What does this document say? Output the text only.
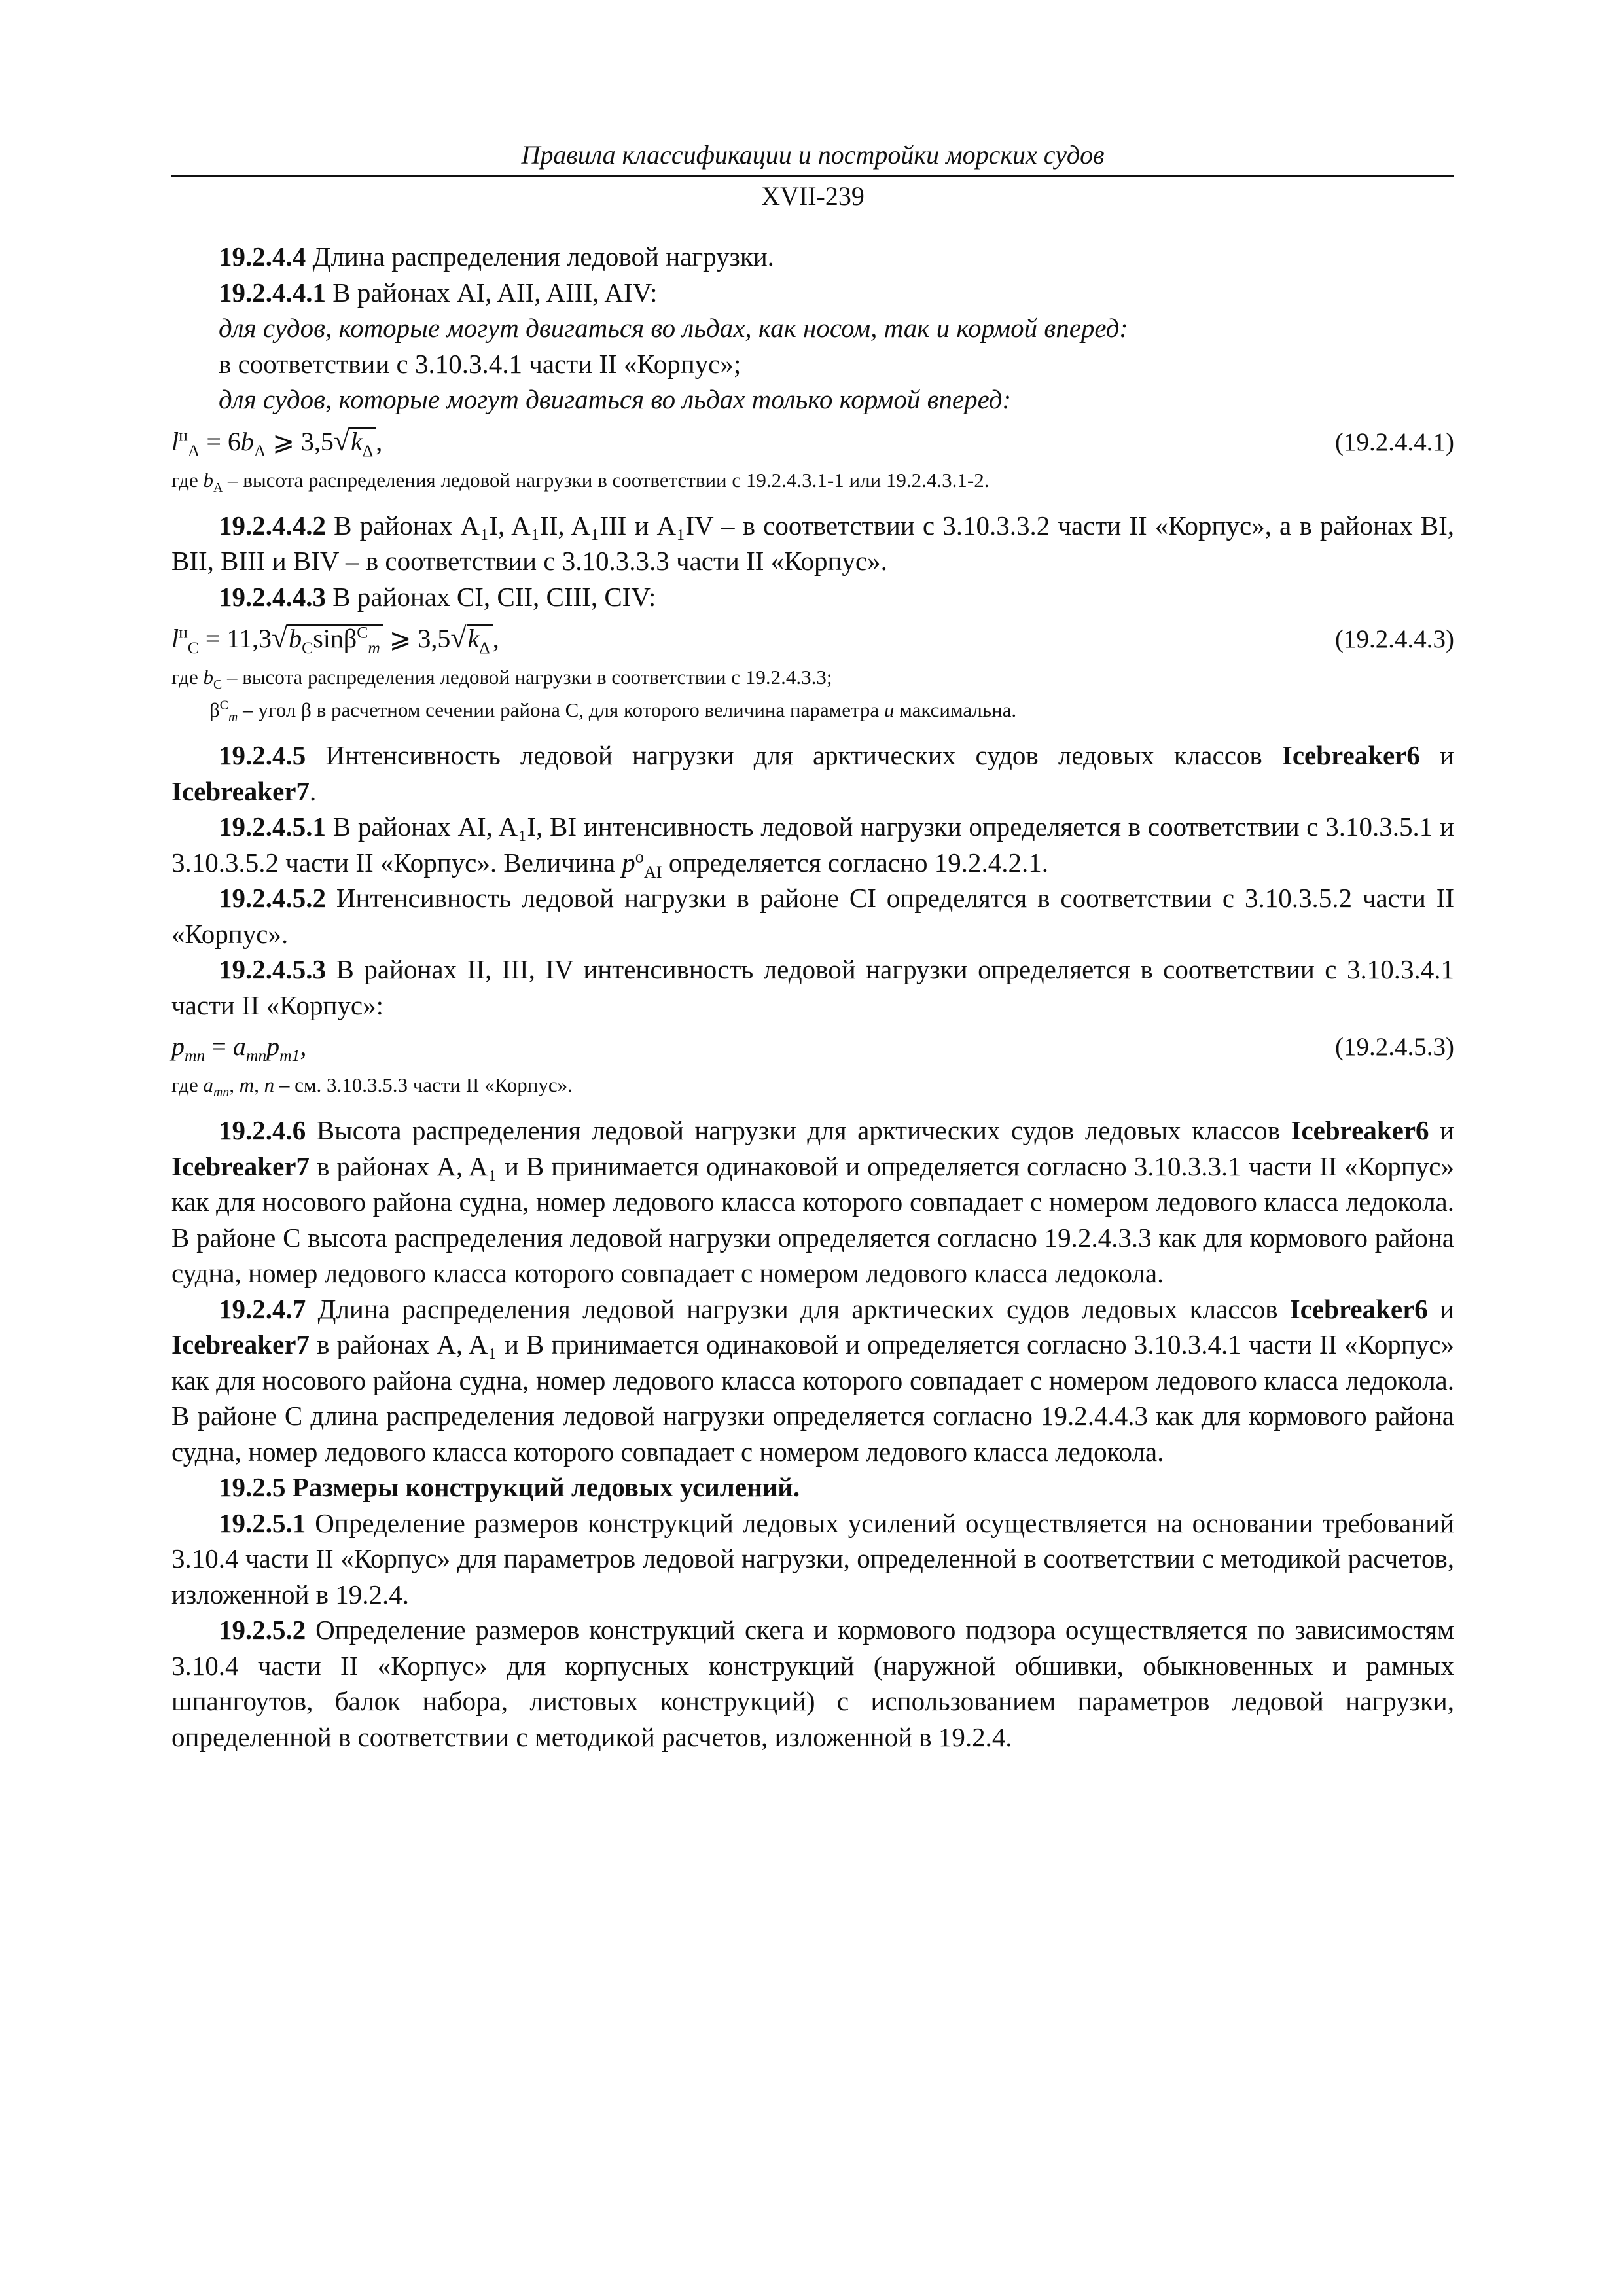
Правила классификации и постройки морских судов
XVII-239

19.2.4.4 Длина распределения ледовой нагрузки.

19.2.4.4.1 В районах AI, AII, AIII, AIV:

для судов, которые могут двигаться во льдах, как носом, так и кормой вперед:

в соответствии с 3.10.3.4.1 части II «Корпус»;

для судов, которые могут двигаться во льдах только кормой вперед:

$l^н_A = 6b_A$ ⩾ $3,5√k_\Delta$ ,	(19.2.4.4.1)

где $b_A$ – высота распределения ледовой нагрузки в соответствии с 19.2.4.3.1-1 или 19.2.4.3.1-2.

19.2.4.4.2 В районах A₁I, A₁II, A₁III и A₁IV – в соответствии с 3.10.3.3.2 части II «Корпус», а в районах BI, BII, BIII и BIV – в соответствии с 3.10.3.3.3 части II «Корпус».

19.2.4.4.3 В районах CI, CII, CIII, CIV:

$l^н_C = 11,3√b_C\sin\beta^C_m$ ⩾ $3,5√k_\Delta$ ,	(19.2.4.4.3)

где $b_C$ – высота распределения ледовой нагрузки в соответствии с 19.2.4.3.3;

$\beta^C_m$ – угол β в расчетном сечении района C, для которого величина параметра u максимальна.

19.2.4.5 Интенсивность ледовой нагрузки для арктических судов ледовых классов Icebreaker6 и Icebreaker7.

19.2.4.5.1 В районах AI, A₁I, BI интенсивность ледовой нагрузки определяется в соответствии с 3.10.3.5.1 и 3.10.3.5.2 части II «Корпус». Величина $p^o_{AI}$ определяется согласно 19.2.4.2.1.

19.2.4.5.2 Интенсивность ледовой нагрузки в районе CI определятся в соответствии с 3.10.3.5.2 части II «Корпус».

19.2.4.5.3 В районах II, III, IV интенсивность ледовой нагрузки определяется в соответствии с 3.10.3.4.1 части II «Корпус»:

$p_{mn} = a_{mn}p_{m1}$,	(19.2.4.5.3)

где $a_{mn}$, m, n – см. 3.10.3.5.3 части II «Корпус».

19.2.4.6 Высота распределения ледовой нагрузки для арктических судов ледовых классов Icebreaker6 и Icebreaker7 в районах A, A₁ и B принимается одинаковой и определяется согласно 3.10.3.3.1 части II «Корпус» как для носового района судна, номер ледового класса которого совпадает с номером ледового класса ледокола. В районе С высота распределения ледовой нагрузки определяется согласно 19.2.4.3.3 как для кормового района судна, номер ледового класса которого совпадает с номером ледового класса ледокола.

19.2.4.7 Длина распределения ледовой нагрузки для арктических судов ледовых классов Icebreaker6 и Icebreaker7 в районах A, A₁ и B принимается одинаковой и определяется согласно 3.10.3.4.1 части II «Корпус» как для носового района судна, номер ледового класса которого совпадает с номером ледового класса ледокола. В районе С длина распределения ледовой нагрузки определяется согласно 19.2.4.4.3 как для кормового района судна, номер ледового класса которого совпадает с номером ледового класса ледокола.

19.2.5 Размеры конструкций ледовых усилений.

19.2.5.1 Определение размеров конструкций ледовых усилений осуществляется на основании требований 3.10.4 части II «Корпус» для параметров ледовой нагрузки, определенной в соответствии с методикой расчетов, изложенной в 19.2.4.

19.2.5.2 Определение размеров конструкций скега и кормового подзора осуществляется по зависимостям 3.10.4 части II «Корпус» для корпусных конструкций (наружной обшивки, обыкновенных и рамных шпангоутов, балок набора, листовых конструкций) с использованием параметров ледовой нагрузки, определенной в соответствии с методикой расчетов, изложенной в 19.2.4.
